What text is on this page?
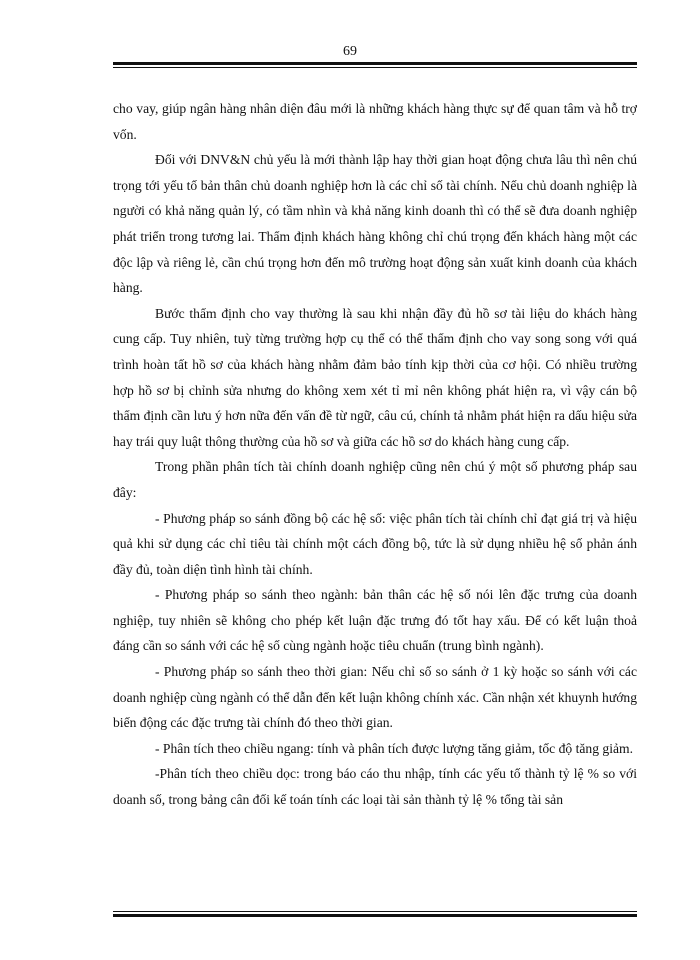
69

cho vay, giúp ngân hàng nhân diện đâu mới là những khách hàng thực sự để quan tâm và hỗ trợ vốn.

Đối với DNV&N chủ yếu là mới thành lập hay thời gian hoạt động chưa lâu thì nên chú trọng tới yếu tố bản thân chủ doanh nghiệp hơn là các chỉ số tài chính. Nếu chủ doanh nghiệp là người có khả năng quản lý, có tầm nhìn và khả năng kinh doanh thì có thể sẽ đưa doanh nghiệp phát triển trong tương lai. Thẩm định khách hàng không chỉ chú trọng đến khách hàng một các độc lập và riêng lẻ, cần chú trọng hơn đến mô trường hoạt động sản xuất kinh doanh của khách hàng.

Bước thẩm định cho vay thường là sau khi nhận đầy đủ hồ sơ tài liệu do khách hàng cung cấp. Tuy nhiên, tuỳ từng trường hợp cụ thể có thể thẩm định cho vay song song với quá trình hoàn tất hồ sơ của khách hàng nhằm đảm bảo tính kịp thời của cơ hội. Có nhiều trường hợp hồ sơ bị chỉnh sửa nhưng do không xem xét tỉ mỉ nên không phát hiện ra, vì vậy cán bộ thẩm định cần lưu ý hơn nữa đến vấn đề từ ngữ, câu cú, chính tả nhằm phát hiện ra dấu hiệu sửa hay trái quy luật thông thường của hồ sơ và giữa các hồ sơ do khách hàng cung cấp.

Trong phần phân tích tài chính doanh nghiệp cũng nên chú ý một số phương pháp sau đây:

- Phương pháp so sánh đồng bộ các hệ số: việc phân tích tài chính chỉ đạt giá trị và hiệu quả khi sử dụng các chỉ tiêu tài chính một cách đồng bộ, tức là sử dụng nhiều hệ số phản ánh đầy đủ, toàn diện tình hình tài chính.

- Phương pháp so sánh theo ngành: bản thân các hệ số nói lên đặc trưng của doanh nghiệp, tuy nhiên sẽ không cho phép kết luận đặc trưng đó tốt hay xấu. Để có kết luận thoả đáng cần so sánh với các hệ số cùng ngành hoặc tiêu chuẩn (trung bình ngành).

- Phương pháp so sánh theo thời gian: Nếu chỉ số so sánh ở 1 kỳ hoặc so sánh với các doanh nghiệp cùng ngành có thể dẫn đến kết luận không chính xác. Cần nhận xét khuynh hướng biến động các đặc trưng tài chính đó theo thời gian.

- Phân tích theo chiều ngang: tính và phân tích được lượng tăng giảm, tốc độ tăng giảm.

-Phân tích theo chiều dọc: trong báo cáo thu nhập, tính các yếu tố thành tỷ lệ % so với doanh số, trong bảng cân đối kế toán tính các loại tài sản thành tỷ lệ % tổng tài sản
